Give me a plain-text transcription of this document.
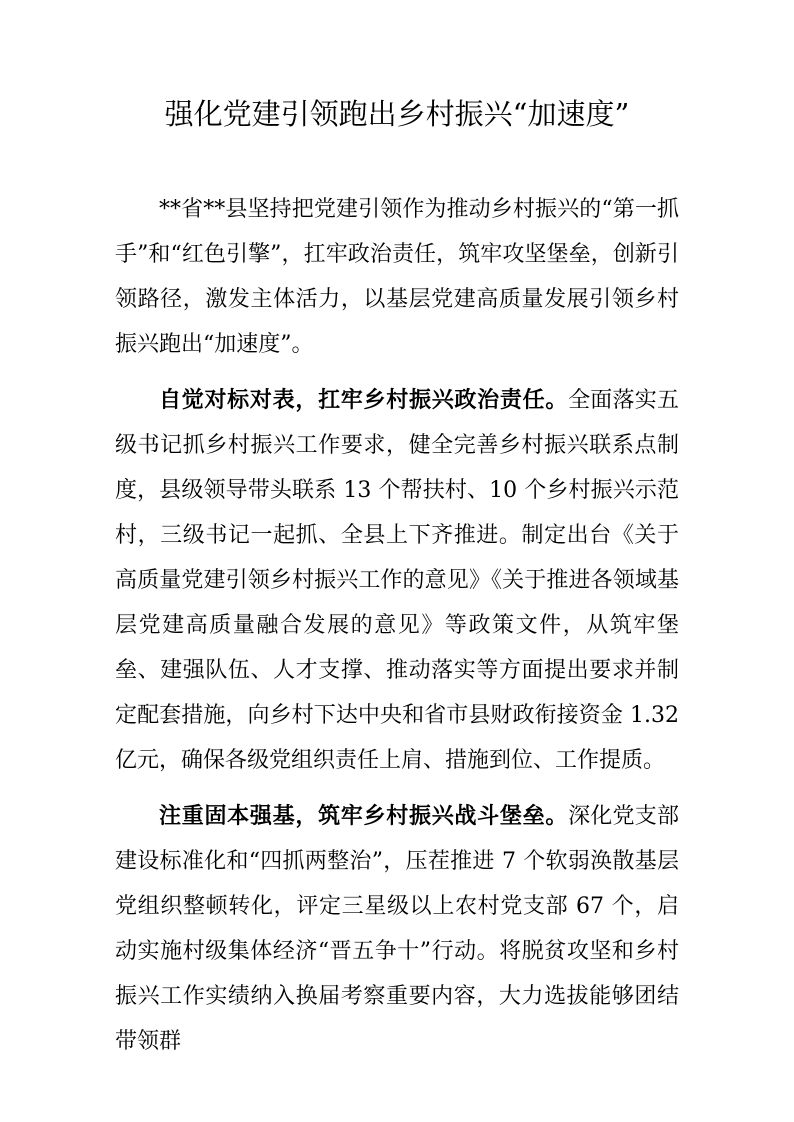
强化党建引领跑出乡村振兴“加速度”

**省**县坚持把党建引领作为推动乡村振兴的“第一抓手”和“红色引擎”，扛牢政治责任，筑牢攻坚堡垒，创新引领路径，激发主体活力，以基层党建高质量发展引领乡村振兴跑出“加速度”。

自觉对标对表，扛牢乡村振兴政治责任。全面落实五级书记抓乡村振兴工作要求，健全完善乡村振兴联系点制度，县级领导带头联系 13 个帮扶村、10 个乡村振兴示范村，三级书记一起抓、全县上下齐推进。制定出台《关于高质量党建引领乡村振兴工作的意见》《关于推进各领域基层党建高质量融合发展的意见》等政策文件，从筑牢堡垒、建强队伍、人才支撑、推动落实等方面提出要求并制定配套措施，向乡村下达中央和省市县财政衔接资金 1.32 亿元，确保各级党组织责任上肩、措施到位、工作提质。

注重固本强基，筑牢乡村振兴战斗堡垒。深化党支部建设标准化和“四抓两整治”，压茬推进 7 个软弱涣散基层党组织整顿转化，评定三星级以上农村党支部 67 个，启动实施村级集体经济“晋五争十”行动。将脱贫攻坚和乡村振兴工作实绩纳入换届考察重要内容，大力选拔能够团结带领群
